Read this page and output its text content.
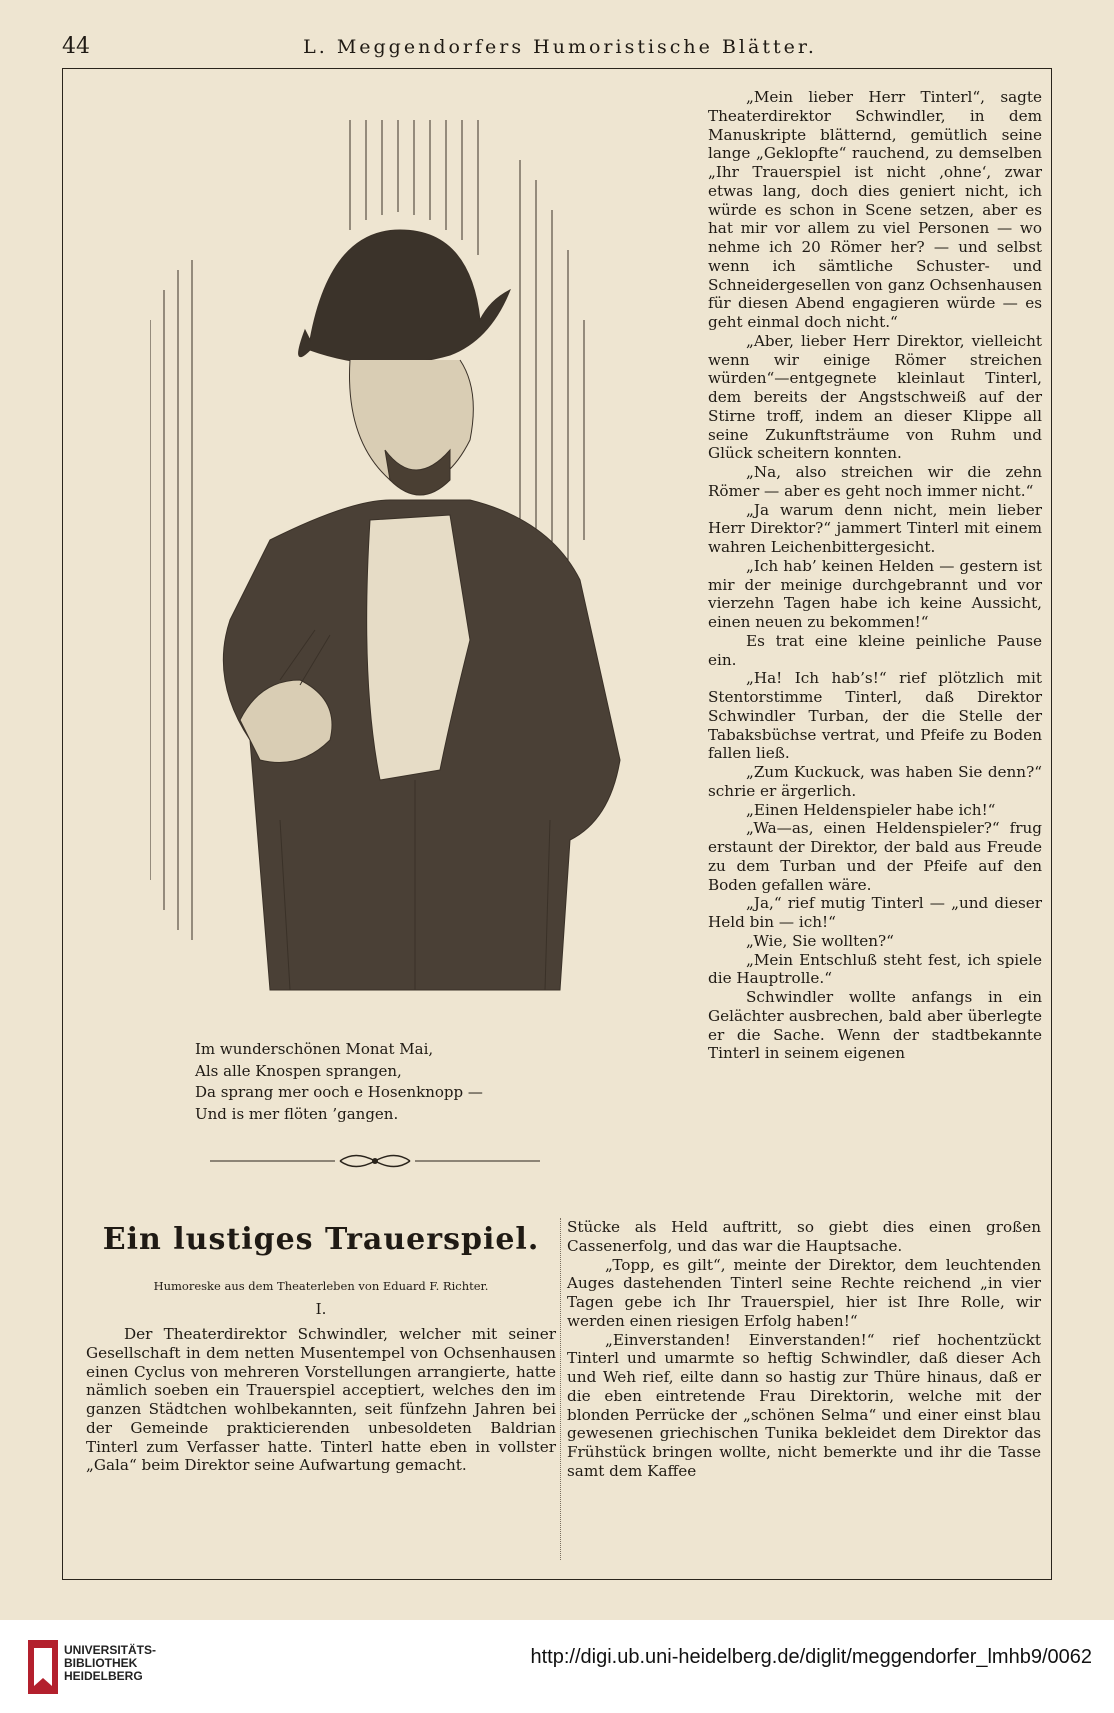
44	L. Meggendorfers Humoristische Blätter.

„Mein lieber Herr Tinterl“, sagte Theaterdirektor Schwindler, in dem Manuskripte blätternd, gemütlich seine lange „Geklopfte“ rauchend, zu demselben „Ihr Trauerspiel ist nicht ‚ohne‘, zwar etwas lang, doch dies geniert nicht, ich würde es schon in Scene setzen, aber es hat mir vor allem zu viel Personen — wo nehme ich 20 Römer her? — und selbst wenn ich sämtliche Schuster- und Schneidergesellen von ganz Ochsenhausen für diesen Abend engagieren würde — es geht einmal doch nicht.“

„Aber, lieber Herr Direktor, vielleicht wenn wir einige Römer streichen würden“—entgegnete kleinlaut Tinterl, dem bereits der Angstschweiß auf der Stirne troff, indem an dieser Klippe all seine Zukunftsträume von Ruhm und Glück scheitern konnten.

„Na, also streichen wir die zehn Römer — aber es geht noch immer nicht.“

„Ja warum denn nicht, mein lieber Herr Direktor?“ jammert Tinterl mit einem wahren Leichenbittergesicht.

„Ich hab’ keinen Helden — gestern ist mir der meinige durchgebrannt und vor vierzehn Tagen habe ich keine Aussicht, einen neuen zu bekommen!“

Es trat eine kleine peinliche Pause ein.

„Ha! Ich hab’s!“ rief plötzlich mit Stentorstimme Tinterl, daß Direktor Schwindler Turban, der die Stelle der Tabaksbüchse vertrat, und Pfeife zu Boden fallen ließ.

„Zum Kuckuck, was haben Sie denn?“ schrie er ärgerlich.

„Einen Heldenspieler habe ich!“

„Wa—as, einen Heldenspieler?“ frug erstaunt der Direktor, der bald aus Freude zu dem Turban und der Pfeife auf den Boden gefallen wäre.

„Ja,“ rief mutig Tinterl — „und dieser Held bin — ich!“

„Wie, Sie wollten?“

„Mein Entschluß steht fest, ich spiele die Hauptrolle.“

Schwindler wollte anfangs in ein Gelächter ausbrechen, bald aber überlegte er die Sache. Wenn der stadtbekannte Tinterl in seinem eigenen

Im wunderschönen Monat Mai,
Als alle Knospen sprangen,
Da sprang mer ooch e Hosenknopp —
Und is mer flöten ’gangen.
Ein lustiges Trauerspiel.
Humoreske aus dem Theaterleben von Eduard F. Richter.
I.

Stücke als Held auftritt, so giebt dies einen großen Cassenerfolg, und das war die Hauptsache.

„Topp, es gilt“, meinte der Direktor, dem leuchtenden Auges dastehenden Tinterl seine Rechte reichend „in vier Tagen gebe ich Ihr Trauerspiel, hier ist Ihre Rolle, wir werden einen riesigen Erfolg haben!“

„Einverstanden! Einverstanden!“ rief hochentzückt Tinterl und umarmte so heftig Schwindler, daß dieser Ach und Weh rief, eilte dann so hastig zur Thüre hinaus, daß er die eben eintretende Frau Direktorin, welche mit der blonden Perrücke der „schönen Selma“ und einer einst blau gewesenen griechischen Tunika bekleidet dem Direktor das Frühstück bringen wollte, nicht bemerkte und ihr die Tasse samt dem Kaffee

Der Theaterdirektor Schwindler, welcher mit seiner Gesellschaft in dem netten Musentempel von Ochsenhausen einen Cyclus von mehreren Vorstellungen arrangierte, hatte nämlich soeben ein Trauerspiel acceptiert, welches den im ganzen Städtchen wohlbekannten, seit fünfzehn Jahren bei der Gemeinde prakticierenden unbesoldeten Baldrian Tinterl zum Verfasser hatte. Tinterl hatte eben in vollster „Gala“ beim Direktor seine Aufwartung gemacht.

UNIVERSITÄTS-
BIBLIOTHEK
HEIDELBERG
http://digi.ub.uni-heidelberg.de/diglit/meggendorfer_lmhb9/0062
